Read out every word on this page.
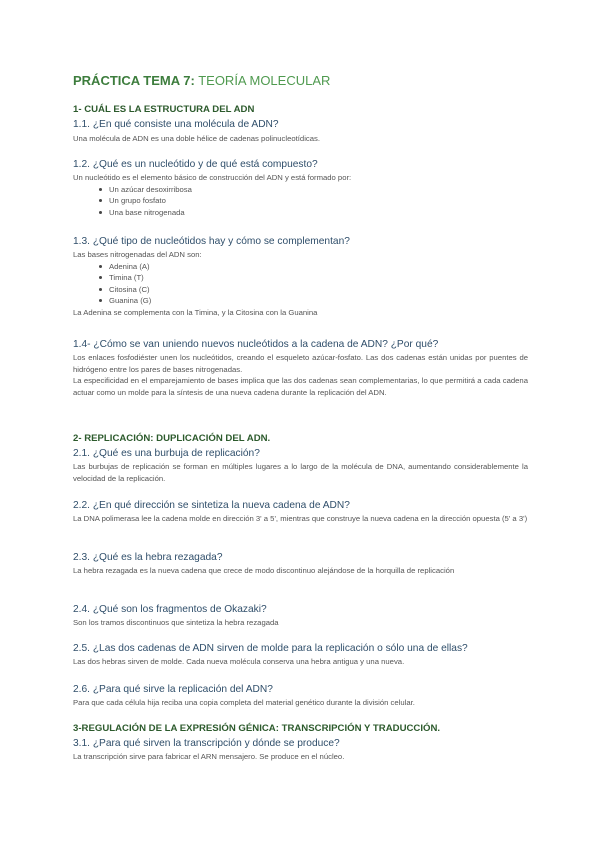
PRÁCTICA TEMA 7: TEORÍA MOLECULAR
1- CUÁL ES LA ESTRUCTURA DEL ADN
1.1. ¿En qué consiste una molécula de ADN?
Una molécula de ADN es una doble hélice de cadenas polinucleotídicas.
1.2. ¿Qué es un nucleótido y de qué está compuesto?
Un nucleótido es el elemento básico de construcción del ADN y está formado por:
Un azúcar desoxirribosa
Un grupo fosfato
Una base nitrogenada
1.3. ¿Qué tipo de nucleótidos hay y cómo se complementan?
Las bases nitrogenadas del ADN son:
Adenina (A)
Timina (T)
Citosina (C)
Guanina (G)
La Adenina se complementa con la Timina, y la Citosina con la Guanina
1.4- ¿Cómo se van uniendo nuevos nucleótidos a la cadena de ADN? ¿Por qué?
Los enlaces fosfodiéster unen los nucleótidos, creando el esqueleto azúcar-fosfato. Las dos cadenas están unidas por puentes de hidrógeno entre los pares de bases nitrogenadas.
La especificidad en el emparejamiento de bases implica que las dos cadenas sean complementarias, lo que permitirá a cada cadena actuar como un molde para la síntesis de una nueva cadena durante la replicación del ADN.
2- REPLICACIÓN: DUPLICACIÓN DEL ADN.
2.1. ¿Qué es una burbuja de replicación?
Las burbujas de replicación se forman en múltiples lugares a lo largo de la molécula de DNA, aumentando considerablemente la velocidad de la replicación.
2.2. ¿En qué dirección se sintetiza la nueva cadena de ADN?
La DNA polimerasa lee la cadena molde en dirección 3' a 5', mientras que construye la nueva cadena en la dirección opuesta (5' a 3')
2.3. ¿Qué es la hebra rezagada?
La hebra rezagada es la nueva cadena que crece de modo discontinuo alejándose de la horquilla de replicación
2.4. ¿Qué son los fragmentos de Okazaki?
Son los tramos discontinuos que sintetiza la hebra rezagada
2.5. ¿Las dos cadenas de ADN sirven de molde para la replicación o sólo una de ellas?
Las dos hebras sirven de molde. Cada nueva molécula conserva una hebra antigua y una nueva.
2.6. ¿Para qué sirve la replicación del ADN?
Para que cada célula hija reciba una copia completa del material genético durante la división celular.
3-REGULACIÓN DE LA EXPRESIÓN GÉNICA: TRANSCRIPCIÓN Y TRADUCCIÓN.
3.1. ¿Para qué sirven la transcripción y dónde se produce?
La transcripción sirve para fabricar el ARN mensajero. Se produce en el núcleo.
